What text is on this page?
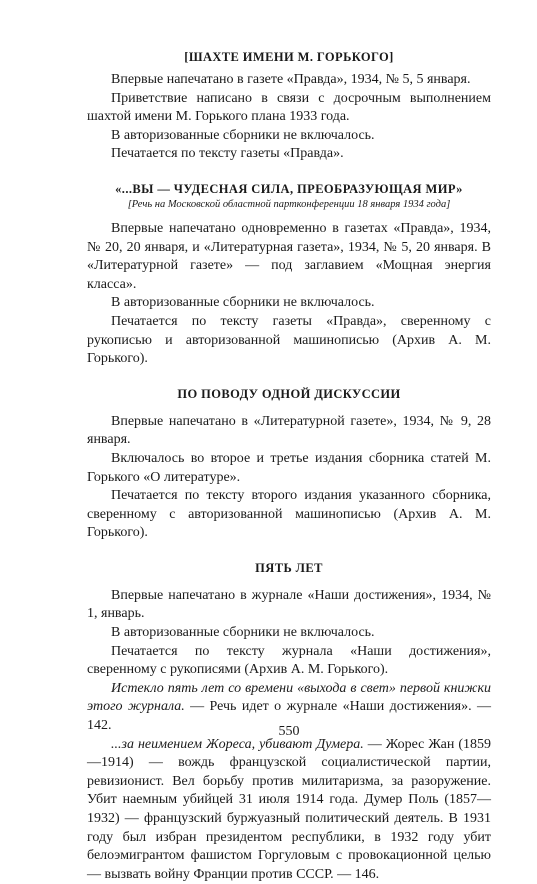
[ШАХТЕ ИМЕНИ М. ГОРЬКОГО]

Впервые напечатано в газете «Правда», 1934, № 5, 5 января.

Приветствие написано в связи с досрочным выполнением шахтой имени М. Горького плана 1933 года.

В авторизованные сборники не включалось.

Печатается по тексту газеты «Правда».

«...ВЫ — ЧУДЕСНАЯ СИЛА, ПРЕОБРАЗУЮЩАЯ МИР»
[Речь на Московской областной партконференции 18 января 1934 года]

Впервые напечатано одновременно в газетах «Правда», 1934, № 20, 20 января, и «Литературная газета», 1934, № 5, 20 января. В «Литературной газете» — под заглавием «Мощная энергия класса».

В авторизованные сборники не включалось.

Печатается по тексту газеты «Правда», сверенному с рукописью и авторизованной машинописью (Архив А. М. Горького).

ПО ПОВОДУ ОДНОЙ ДИСКУССИИ

Впервые напечатано в «Литературной газете», 1934, № 9, 28 января.

Включалось во второе и третье издания сборника статей М. Горького «О литературе».

Печатается по тексту второго издания указанного сборника, сверенному с авторизованной машинописью (Архив А. М. Горького).

ПЯТЬ ЛЕТ

Впервые напечатано в журнале «Наши достижения», 1934, № 1, январь.

В авторизованные сборники не включалось.

Печатается по тексту журнала «Наши достижения», сверенному с рукописями (Архив А. М. Горького).

Истекло пять лет со времени «выхода в свет» первой книжки этого журнала. — Речь идет о журнале «Наши достижения». — 142.

...за неимением Жореса, убивают Думера. — Жорес Жан (1859—1914) — вождь французской социалистической партии, ревизионист. Вел борьбу против милитаризма, за разоружение. Убит наемным убийцей 31 июля 1914 года. Думер Поль (1857—1932) — французский буржуазный политический деятель. В 1931 году был избран президентом республики, в 1932 году убит белоэмигрантом фашистом Горгуловым с провокационной целью — вызвать войну Франции против СССР. — 146.

550
